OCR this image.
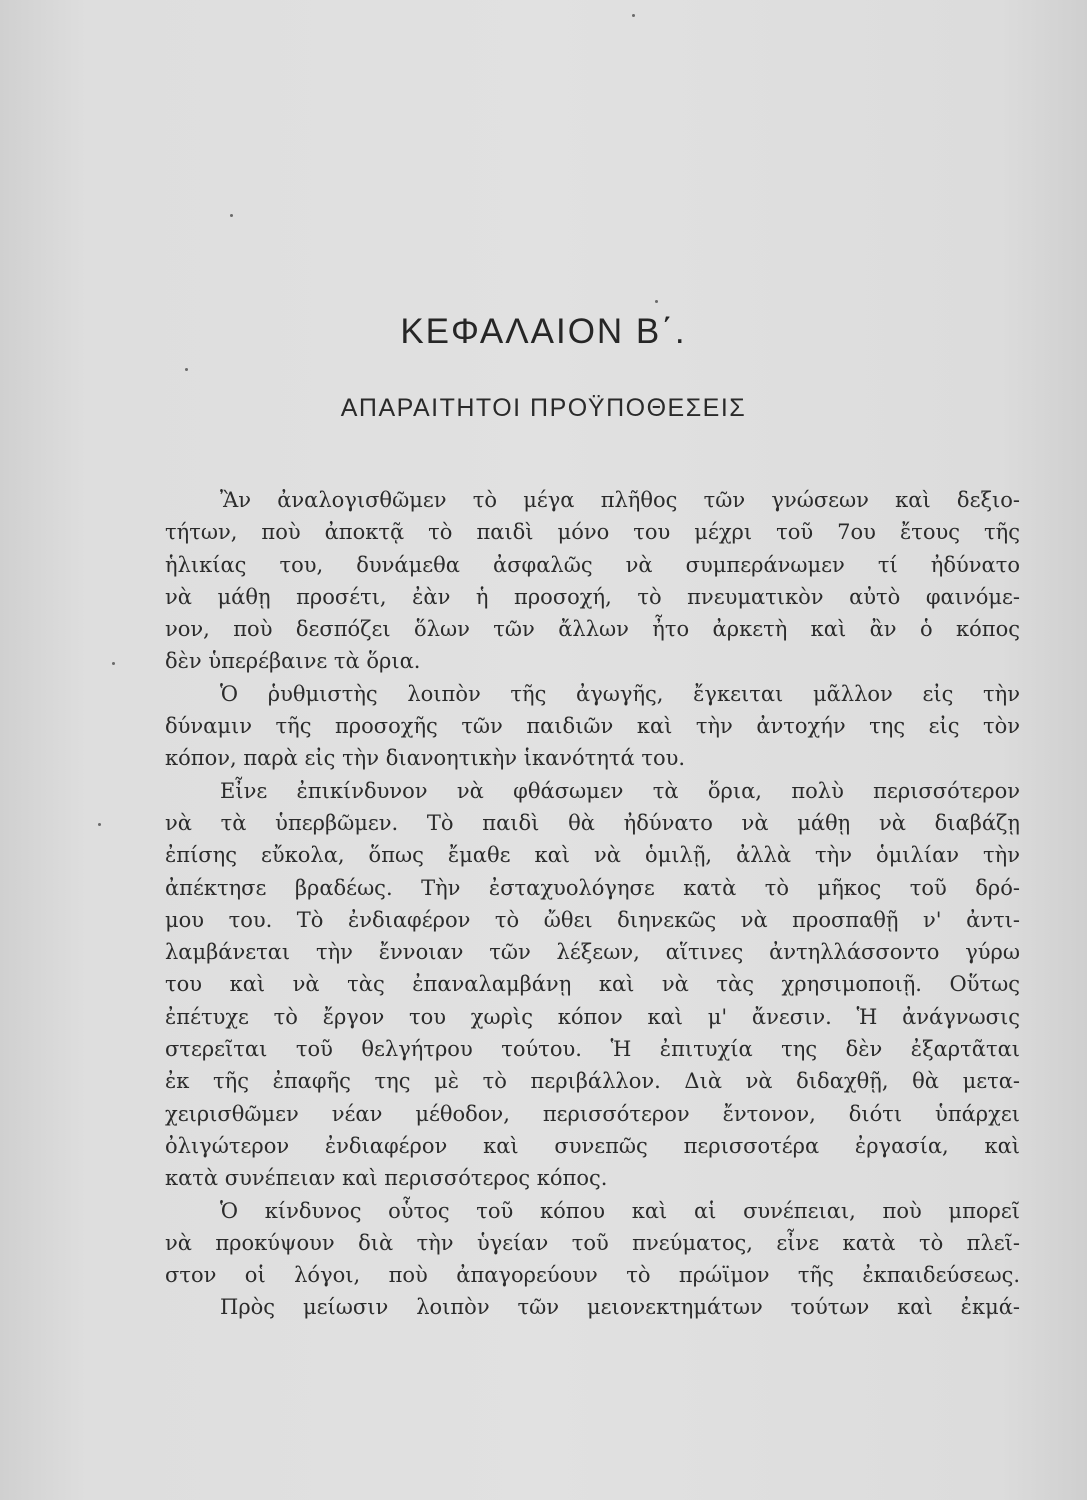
ΚΕΦΑΛΑΙΟΝ Β΄.
ΑΠΑΡΑΙΤΗΤΟΙ ΠΡΟΫΠΟΘΕΣΕΙΣ
Ἂν ἀναλογισθῶμεν τὸ μέγα πλῆθος τῶν γνώσεων καὶ δεξιο-
τήτων, ποὺ ἀποκτᾷ τὸ παιδὶ μόνο του μέχρι τοῦ 7ου ἔτους τῆς
ἡλικίας του, δυνάμεθα ἀσφαλῶς νὰ συμπεράνωμεν τί ἠδύνατο
νὰ μάθῃ προσέτι, ἐὰν ἡ προσοχή, τὸ πνευματικὸν αὐτὸ φαινόμε-
νον, ποὺ δεσπόζει ὅλων τῶν ἄλλων ἦτο ἀρκετὴ καὶ ἂν ὁ κόπος
δὲν ὑπερέβαινε τὰ ὅρια.
Ὁ ῥυθμιστὴς λοιπὸν τῆς ἀγωγῆς, ἔγκειται μᾶλλον εἰς τὴν
δύναμιν τῆς προσοχῆς τῶν παιδιῶν καὶ τὴν ἀντοχήν της εἰς τὸν
κόπον, παρὰ εἰς τὴν διανοητικὴν ἱκανότητά του.
Εἶνε ἐπικίνδυνον νὰ φθάσωμεν τὰ ὅρια, πολὺ περισσότερον
νὰ τὰ ὑπερβῶμεν. Τὸ παιδὶ θὰ ἠδύνατο νὰ μάθῃ νὰ διαβάζῃ
ἐπίσης εὔκολα, ὅπως ἔμαθε καὶ νὰ ὁμιλῇ, ἀλλὰ τὴν ὁμιλίαν τὴν
ἀπέκτησε βραδέως. Τὴν ἐσταχυολόγησε κατὰ τὸ μῆκος τοῦ δρό-
μου του. Τὸ ἐνδιαφέρον τὸ ὤθει διηνεκῶς νὰ προσπαθῇ ν' ἀντι-
λαμβάνεται τὴν ἔννοιαν τῶν λέξεων, αἵτινες ἀντηλλάσσοντο γύρω
του καὶ νὰ τὰς ἐπαναλαμβάνῃ καὶ νὰ τὰς χρησιμοποιῇ. Οὕτως
ἐπέτυχε τὸ ἔργον του χωρὶς κόπον καὶ μ' ἄνεσιν. Ἡ ἀνάγνωσις
στερεῖται τοῦ θελγήτρου τούτου. Ἡ ἐπιτυχία της δὲν ἐξαρτᾶται
ἐκ τῆς ἐπαφῆς της μὲ τὸ περιβάλλον. Διὰ νὰ διδαχθῇ, θὰ μετα-
χειρισθῶμεν νέαν μέθοδον, περισσότερον ἔντονον, διότι ὑπάρχει
ὀλιγώτερον ἐνδιαφέρον καὶ συνεπῶς περισσοτέρα ἐργασία, καὶ
κατὰ συνέπειαν καὶ περισσότερος κόπος.
Ὁ κίνδυνος οὗτος τοῦ κόπου καὶ αἱ συνέπειαι, ποὺ μπορεῖ
νὰ προκύψουν διὰ τὴν ὑγείαν τοῦ πνεύματος, εἶνε κατὰ τὸ πλεῖ-
στον οἱ λόγοι, ποὺ ἀπαγορεύουν τὸ πρώϊμον τῆς ἐκπαιδεύσεως.
Πρὸς μείωσιν λοιπὸν τῶν μειονεκτημάτων τούτων καὶ ἐκμά-
